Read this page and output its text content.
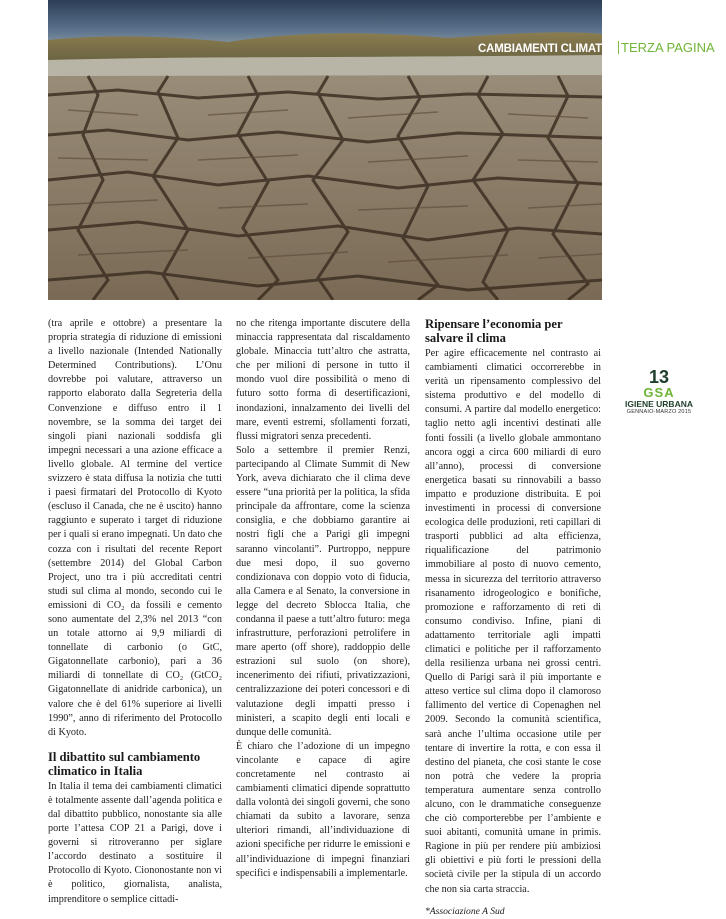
CAMBIAMENTI CLIMATICI TERZA PAGINA

(tra aprile e ottobre) a presentare la propria strategia di riduzione di emissioni a livello nazionale (Intended Nationally Determined Contributions). L’Onu dovrebbe poi valutare, attraverso un rapporto elaborato dalla Segreteria della Convenzione e diffuso entro il 1 novembre, se la somma dei target dei singoli piani nazionali soddisfa gli impegni necessari a una azione efficace a livello globale. Al termine del vertice svizzero è stata diffusa la notizia che tutti i paesi firmatari del Protocollo di Kyoto (escluso il Canada, che ne è uscito) hanno raggiunto e superato i target di riduzione per i quali si erano impegnati. Un dato che cozza con i risultati del recente Report (settembre 2014) del Global Carbon Project, uno tra i più accreditati centri studi sul clima al mondo, secondo cui le emissioni di CO₂ da fossili e cemento sono aumentate del 2,3% nel 2013 “con un totale attorno ai 9,9 miliardi di tonnellate di carbonio (o GtC, Gigatonnellate carbonio), pari a 36 miliardi di tonnellate di CO₂ (GtCO₂ Gigatonnellate di anidride carbonica), un valore che è del 61% superiore ai livelli 1990”, anno di riferimento del Protocollo di Kyoto.

Il dibattito sul cambiamento climatico in Italia

In Italia il tema dei cambiamenti climatici è totalmente assente dall’agenda politica e dal dibattito pubblico, nonostante sia alle porte l’attesa COP 21 a Parigi, dove i governi si ritroveranno per siglare l’accordo destinato a sostituire il Protocollo di Kyoto. Ciononostante non vi è politico, giornalista, analista, imprenditore o semplice cittadi-

no che ritenga importante discutere della minaccia rappresentata dal riscaldamento globale. Minaccia tutt’altro che astratta, che per milioni di persone in tutto il mondo vuol dire possibilità o meno di futuro sotto forma di desertificazioni, inondazioni, innalzamento dei livelli del mare, eventi estremi, sfollamenti forzati, flussi migratori senza precedenti.

Solo a settembre il premier Renzi, partecipando al Climate Summit di New York, aveva dichiarato che il clima deve essere “una priorità per la politica, la sfida principale da affrontare, come la scienza consiglia, e che dobbiamo garantire ai nostri figli che a Parigi gli impegni saranno vincolanti”. Purtroppo, neppure due mesi dopo, il suo governo condizionava con doppio voto di fiducia, alla Camera e al Senato, la conversione in legge del decreto Sblocca Italia, che condanna il paese a tutt’altro futuro: mega infrastrutture, perforazioni petrolifere in mare aperto (off shore), raddoppio delle estrazioni sul suolo (on shore), incenerimento dei rifiuti, privatizzazioni, centralizzazione dei poteri concessori e di valutazione degli impatti presso i ministeri, a scapito degli enti locali e dunque delle comunità.

È chiaro che l’adozione di un impegno vincolante e capace di agire concretamente nel contrasto ai cambiamenti climatici dipende soprattutto dalla volontà dei singoli governi, che sono chiamati da subito a lavorare, senza ulteriori rimandi, all’individuazione di azioni specifiche per ridurre le emissioni e all’individuazione di impegni finanziari specifici e indispensabili a implementarle.

Ripensare l’economia per salvare il clima

Per agire efficacemente nel contrasto ai cambiamenti climatici occorrerebbe in verità un ripensamento complessivo del sistema produttivo e del modello di consumi. A partire dal modello energetico: taglio netto agli incentivi destinati alle fonti fossili (a livello globale ammontano ancora oggi a circa 600 miliardi di euro all’anno), processi di conversione energetica basati su rinnovabili a basso impatto e produzione distribuita. E poi investimenti in processi di conversione ecologica delle produzioni, reti capillari di trasporti pubblici ad alta efficienza, riqualificazione del patrimonio immobiliare al posto di nuovo cemento, messa in sicurezza del territorio attraverso risanamento idrogeologico e bonifiche, promozione e rafforzamento di reti di consumo condiviso. Infine, piani di adattamento territoriale agli impatti climatici e politiche per il rafforzamento della resilienza urbana nei grossi centri. Quello di Parigi sarà il più importante e atteso vertice sul clima dopo il clamoroso fallimento del vertice di Copenaghen nel 2009. Secondo la comunità scientifica, sarà anche l’ultima occasione utile per tentare di invertire la rotta, e con essa il destino del pianeta, che così stante le cose non potrà che vedere la propria temperatura aumentare senza controllo alcuno, con le drammatiche conseguenze che ciò comporterebbe per l’ambiente e suoi abitanti, comunità umane in primis. Ragione in più per rendere più ambiziosi gli obiettivi e più forti le pressioni della società civile per la stipula di un accordo che non sia carta straccia.

*Associazione A Sud

13
GSA
IGIENE URBANA
GENNAIO-MARZO 2015
